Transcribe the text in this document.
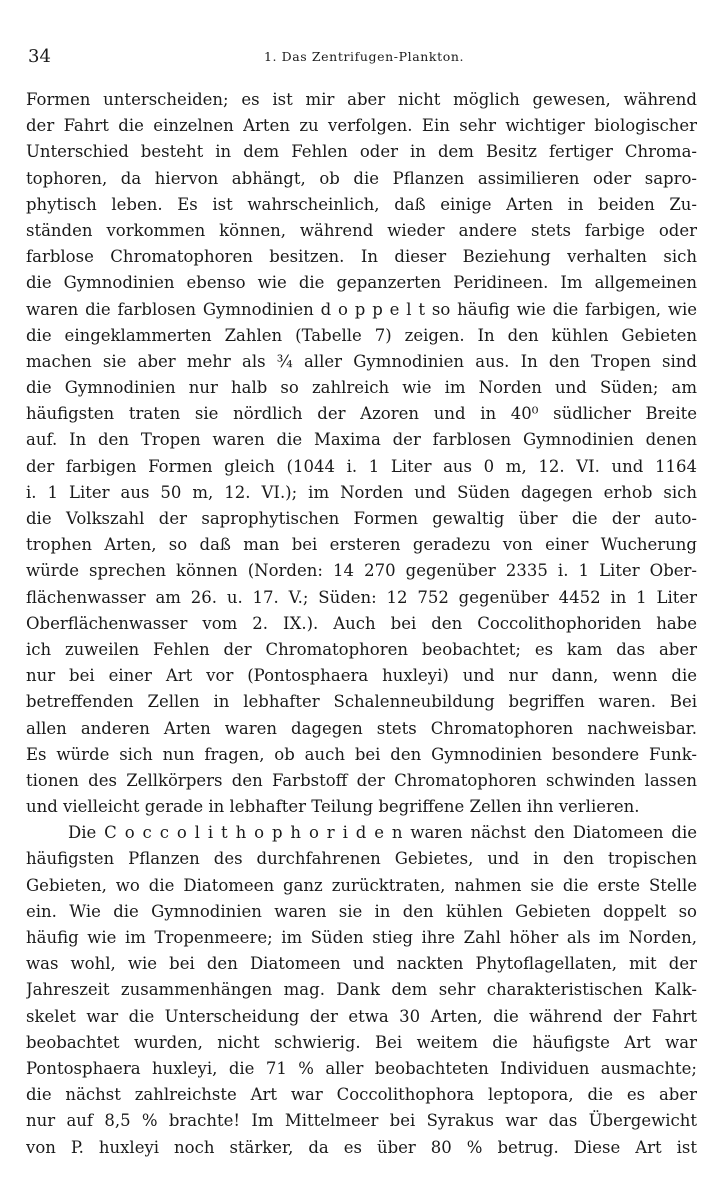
34	1. Das Zentrifugen-Plankton.
Formen unterscheiden; es ist mir aber nicht möglich gewesen, während
der Fahrt die einzelnen Arten zu verfolgen. Ein sehr wichtiger biologischer
Unterschied besteht in dem Fehlen oder in dem Besitz fertiger Chroma-
tophoren, da hiervon abhängt, ob die Pflanzen assimilieren oder sapro-
phytisch leben. Es ist wahrscheinlich, daß einige Arten in beiden Zu-
ständen vorkommen können, während wieder andere stets farbige oder
farblose Chromatophoren besitzen. In dieser Beziehung verhalten sich
die Gymnodinien ebenso wie die gepanzerten Peridineen. Im allgemeinen
waren die farblosen Gymnodinien d o p p e l t so häufig wie die farbigen, wie
die eingeklammerten Zahlen (Tabelle 7) zeigen. In den kühlen Gebieten
machen sie aber mehr als ¾ aller Gymnodinien aus. In den Tropen sind
die Gymnodinien nur halb so zahlreich wie im Norden und Süden; am
häufigsten traten sie nördlich der Azoren und in 40⁰ südlicher Breite
auf. In den Tropen waren die Maxima der farblosen Gymnodinien denen
der farbigen Formen gleich (1044 i. 1 Liter aus 0 m, 12. VI. und 1164
i. 1 Liter aus 50 m, 12. VI.); im Norden und Süden dagegen erhob sich
die Volkszahl der saprophytischen Formen gewaltig über die der auto-
trophen Arten, so daß man bei ersteren geradezu von einer Wucherung
würde sprechen können (Norden: 14 270 gegenüber 2335 i. 1 Liter Ober-
flächenwasser am 26. u. 17. V.; Süden: 12 752 gegenüber 4452 in 1 Liter
Oberflächenwasser vom 2. IX.). Auch bei den Coccolithophoriden habe
ich zuweilen Fehlen der Chromatophoren beobachtet; es kam das aber
nur bei einer Art vor (Pontosphaera huxleyi) und nur dann, wenn die
betreffenden Zellen in lebhafter Schalenneubildung begriffen waren. Bei
allen anderen Arten waren dagegen stets Chromatophoren nachweisbar.
Es würde sich nun fragen, ob auch bei den Gymnodinien besondere Funk-
tionen des Zellkörpers den Farbstoff der Chromatophoren schwinden lassen
und vielleicht gerade in lebhafter Teilung begriffene Zellen ihn verlieren.
Die C o c c o l i t h o p h o r i d e n waren nächst den Diatomeen die
häufigsten Pflanzen des durchfahrenen Gebietes, und in den tropischen
Gebieten, wo die Diatomeen ganz zurücktraten, nahmen sie die erste Stelle
ein. Wie die Gymnodinien waren sie in den kühlen Gebieten doppelt so
häufig wie im Tropenmeere; im Süden stieg ihre Zahl höher als im Norden,
was wohl, wie bei den Diatomeen und nackten Phytoflagellaten, mit der
Jahreszeit zusammenhängen mag. Dank dem sehr charakteristischen Kalk-
skelet war die Unterscheidung der etwa 30 Arten, die während der Fahrt
beobachtet wurden, nicht schwierig. Bei weitem die häufigste Art war
Pontosphaera huxleyi, die 71 % aller beobachteten Individuen ausmachte;
die nächst zahlreichste Art war Coccolithophora leptopora, die es aber
nur auf 8,5 % brachte! Im Mittelmeer bei Syrakus war das Übergewicht
von P. huxleyi noch stärker, da es über 80 % betrug. Diese Art ist
